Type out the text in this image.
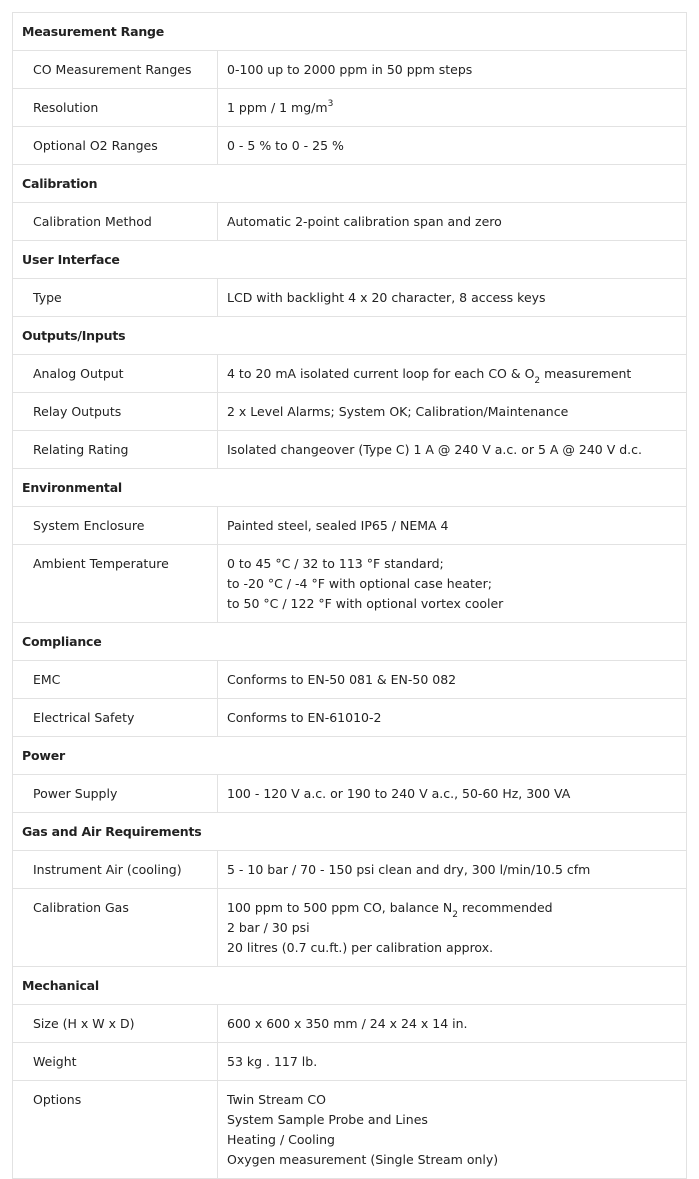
Measurement Range	
CO Measurement Ranges	0-100 up to 2000 ppm in 50 ppm steps
Resolution	1 ppm / 1 $mg/m^3$
Optional O2 Ranges	0 - 5 % to 0 - 25 %
Calibration	
Calibration Method	Automatic 2-point calibration span and zero
User Interface	
Type	LCD with backlight 4 x 20 character, 8 access keys
Outputs/Inputs	
Analog Output	4 to 20 mA isolated current loop for each CO & $O_2$ measurement
Relay Outputs	2 x Level Alarms; System OK; Calibration/Maintenance
Relating Rating	Isolated changeover (Type C) 1 A @ 240 V a.c. or 5 A @ 240 V d.c.
Environmental	
System Enclosure	Painted steel, sealed IP65 / NEMA 4
Ambient Temperature	0 to 45 °C / 32 to 113 °F standard;
to -20 °C / -4 °F with optional case heater;
to 50 °C / 122 °F with optional vortex cooler

Compliance	
EMC	Conforms to EN-50 081 & EN-50 082
Electrical Safety	Conforms to EN-61010-2
Power	
Power Supply	100 - 120 V a.c. or 190 to 240 V a.c., 50-60 Hz, 300 VA
Gas and Air Requirements	
Instrument Air (cooling)	5 - 10 bar / 70 - 150 psi clean and dry, 300 l/min/10.5 cfm
Calibration Gas	100 ppm to 500 ppm CO, balance $N_2$ recommended
2 bar / 30 psi
20 litres (0.7 cu.ft.) per calibration approx.

Mechanical	
Size (H x W x D)	600 x 600 x 350 mm / 24 x 24 x 14 in.
Weight	53 kg . 117 lb.
Options	Twin Stream CO
System Sample Probe and Lines
Heating / Cooling
Oxygen measurement (Single Stream only)
